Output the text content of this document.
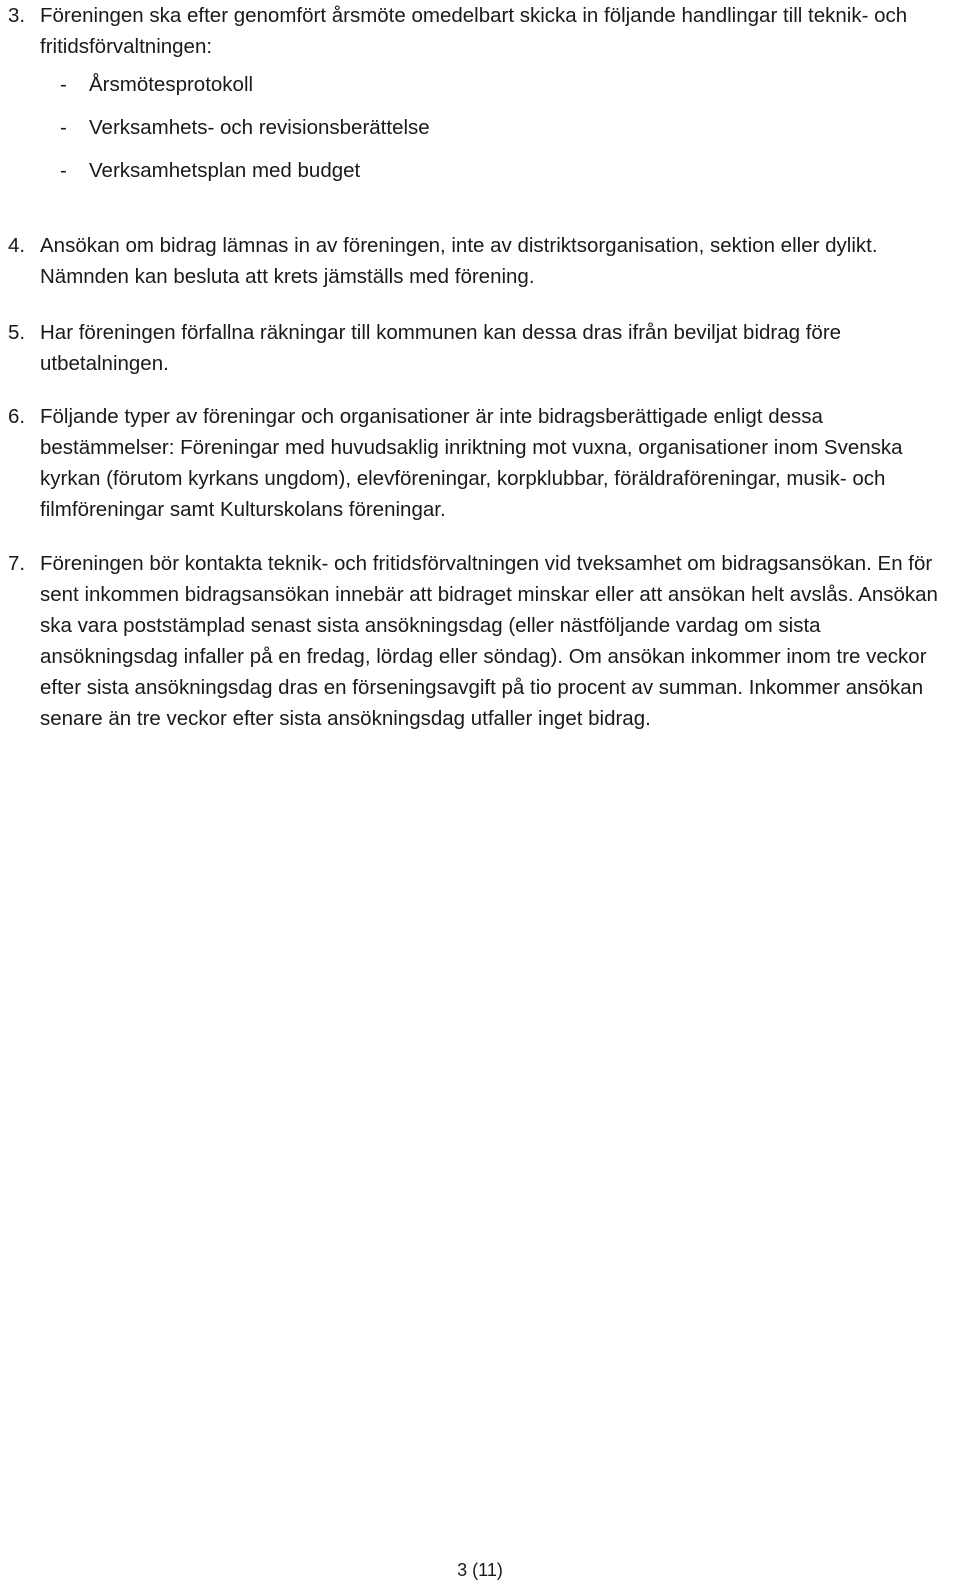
3. Föreningen ska efter genomfört årsmöte omedelbart skicka in följande handlingar till teknik- och fritidsförvaltningen:
- Årsmötesprotokoll
- Verksamhets- och revisionsberättelse
- Verksamhetsplan med budget
4. Ansökan om bidrag lämnas in av föreningen, inte av distriktsorganisation, sektion eller dylikt. Nämnden kan besluta att krets jämställs med förening.
5. Har föreningen förfallna räkningar till kommunen kan dessa dras ifrån beviljat bidrag före utbetalningen.
6. Följande typer av föreningar och organisationer är inte bidragsberättigade enligt dessa bestämmelser: Föreningar med huvudsaklig inriktning mot vuxna, organisationer inom Svenska kyrkan (förutom kyrkans ungdom), elevföreningar, korpklubbar, föräldraföreningar, musik- och filmföreningar samt Kulturskolans föreningar.
7. Föreningen bör kontakta teknik- och fritidsförvaltningen vid tveksamhet om bidragsansökan. En för sent inkommen bidragsansökan innebär att bidraget minskar eller att ansökan helt avslås. Ansökan ska vara poststämplad senast sista ansökningsdag (eller nästföljande vardag om sista ansökningsdag infaller på en fredag, lördag eller söndag). Om ansökan inkommer inom tre veckor efter sista ansökningsdag dras en förseningsavgift på tio procent av summan. Inkommer ansökan senare än tre veckor efter sista ansökningsdag utfaller inget bidrag.
3 (11)
